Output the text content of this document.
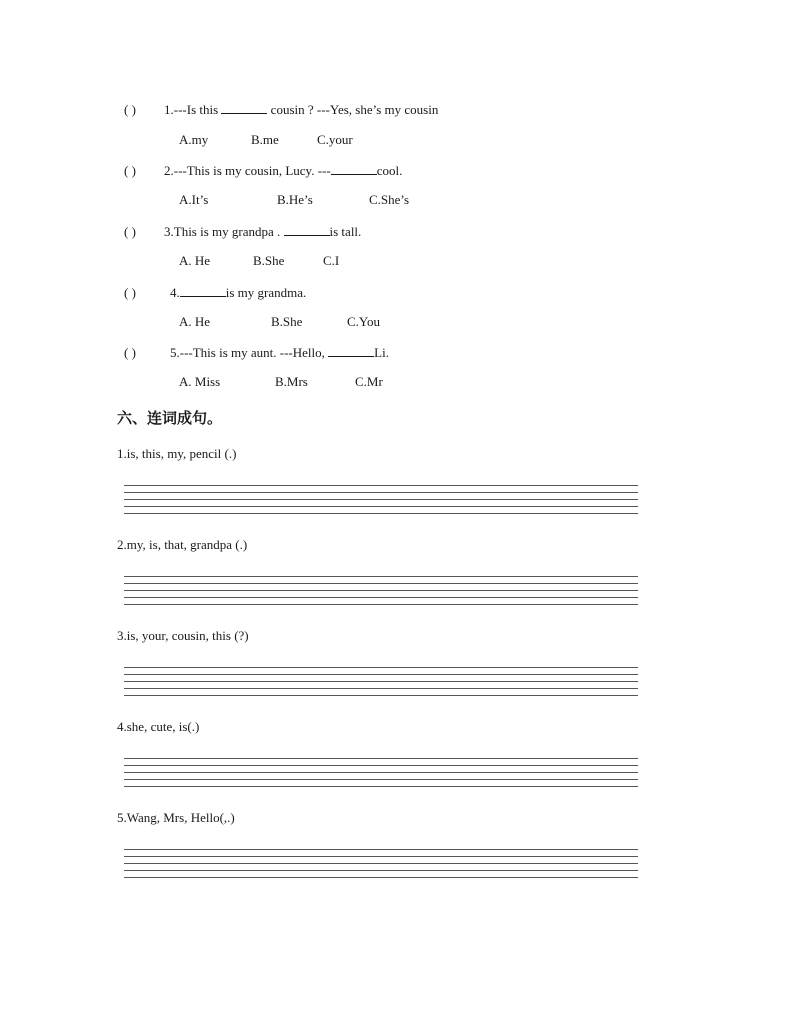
( ) 1.---Is this	cousin ? ---Yes, she’s my cousin
A.my	B.me	C.your
( ) 2.---This is my cousin, Lucy. ---	cool.
A.It’s	B.He’s	C.She’s
( ) 3.This is my grandpa .	is tall.
A. He	B.She	C.I
( )	4.	is my grandma.
A. He	B.She	C.You
( )	5.---This is my aunt. ---Hello,	Li.
A. Miss	B.Mrs	C.Mr
六、连词成句。
1.is, this, my, pencil (.)
2.my, is, that, grandpa (.)
3.is, your, cousin, this (?)
4.she, cute, is(.)
5.Wang, Mrs, Hello(,.)
